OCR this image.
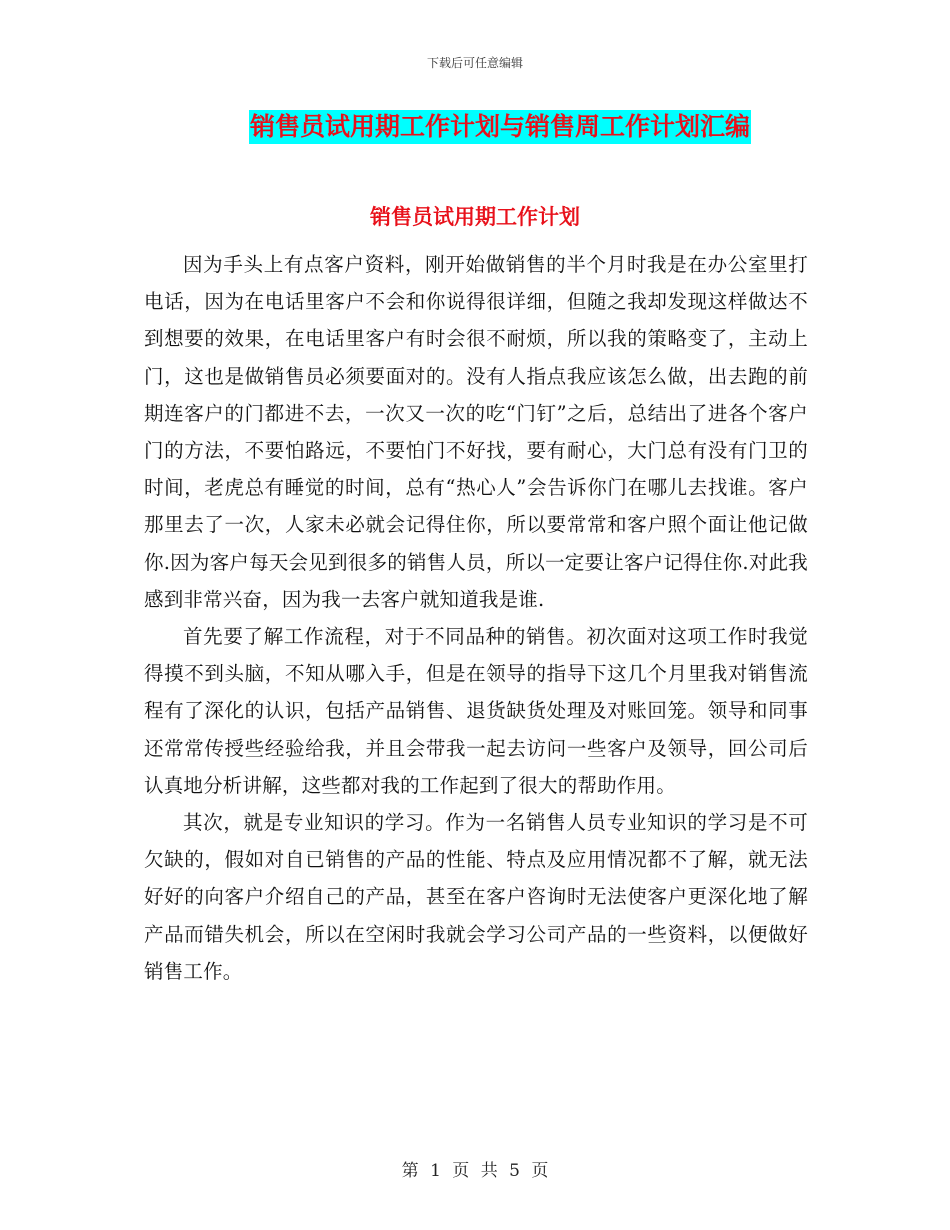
下载后可任意编辑
销售员试用期工作计划与销售周工作计划汇编
销售员试用期工作计划

因为手头上有点客户资料，刚开始做销售的半个月时我是在办公室里打电话，因为在电话里客户不会和你说得很详细，但随之我却发现这样做达不到想要的效果，在电话里客户有时会很不耐烦，所以我的策略变了，主动上门，这也是做销售员必须要面对的。没有人指点我应该怎么做，出去跑的前期连客户的门都进不去，一次又一次的吃“门钉”之后，总结出了进各个客户门的方法，不要怕路远，不要怕门不好找，要有耐心，大门总有没有门卫的时间，老虎总有睡觉的时间，总有“热心人”会告诉你门在哪儿去找谁。客户那里去了一次，人家未必就会记得住你，所以要常常和客户照个面让他记做你.因为客户每天会见到很多的销售人员，所以一定要让客户记得住你.对此我感到非常兴奋，因为我一去客户就知道我是谁.

首先要了解工作流程，对于不同品种的销售。初次面对这项工作时我觉得摸不到头脑，不知从哪入手，但是在领导的指导下这几个月里我对销售流程有了深化的认识，包括产品销售、退货缺货处理及对账回笼。领导和同事还常常传授些经验给我，并且会带我一起去访问一些客户及领导，回公司后认真地分析讲解，这些都对我的工作起到了很大的帮助作用。

其次，就是专业知识的学习。作为一名销售人员专业知识的学习是不可欠缺的，假如对自已销售的产品的性能、特点及应用情况都不了解，就无法好好的向客户介绍自己的产品，甚至在客户咨询时无法使客户更深化地了解产品而错失机会，所以在空闲时我就会学习公司产品的一些资料，以便做好销售工作。

第 1 页 共 5 页
